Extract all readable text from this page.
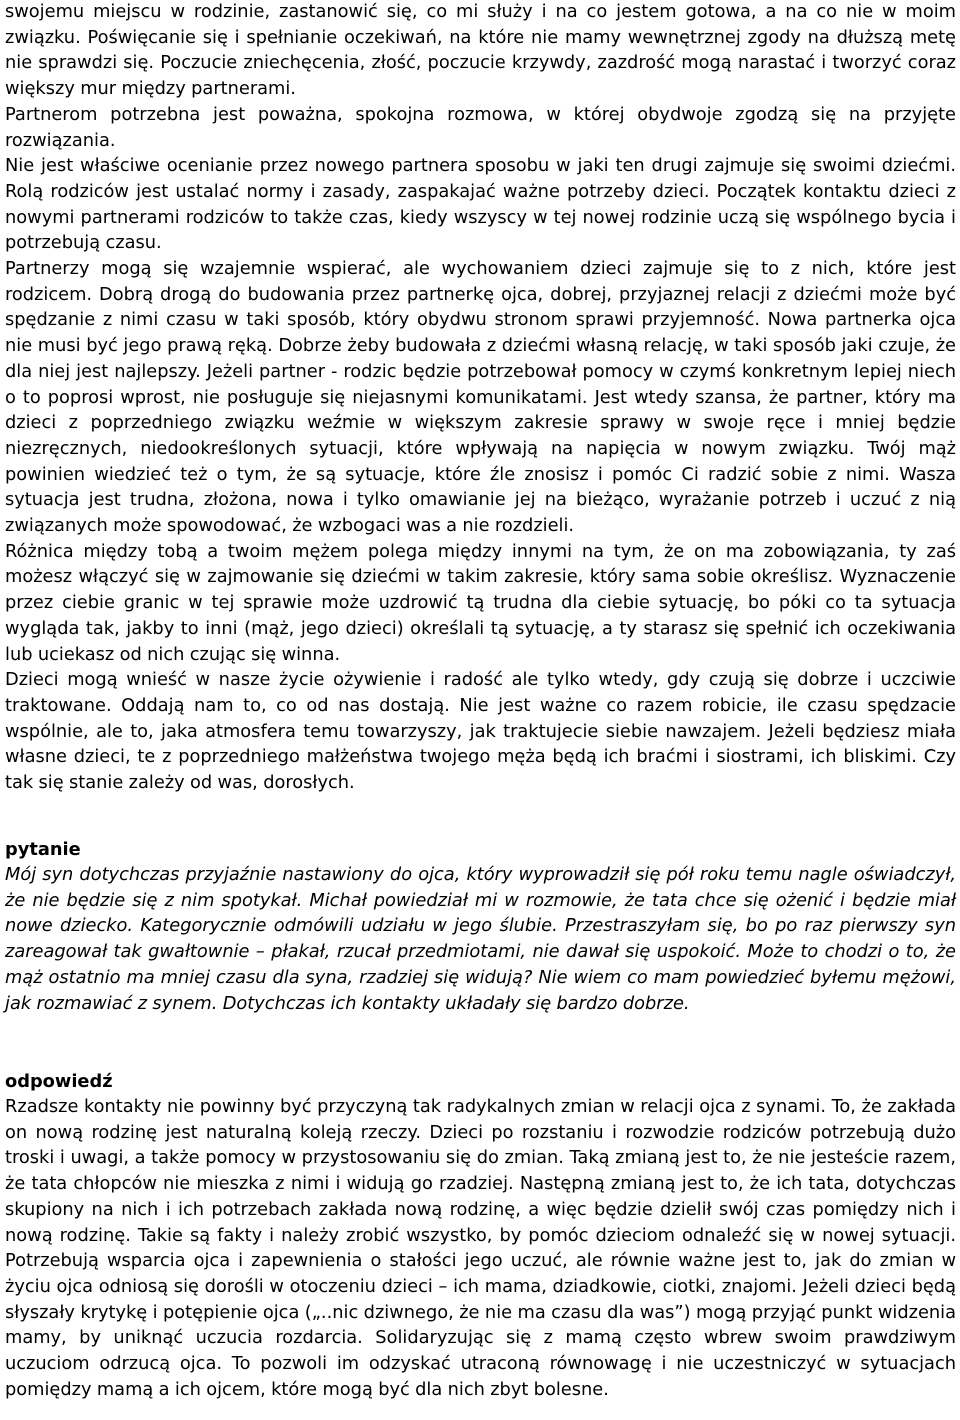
swojemu miejscu w rodzinie, zastanowić się, co mi służy i na co jestem gotowa, a na co nie w moim związku. Poświęcanie się i spełnianie oczekiwań, na które nie mamy wewnętrznej zgody na dłuższą metę nie sprawdzi się. Poczucie zniechęcenia, złość, poczucie krzywdy, zazdrość mogą narastać i tworzyć coraz większy mur między partnerami.

Partnerom potrzebna jest poważna, spokojna rozmowa, w której obydwoje zgodzą się na przyjęte rozwiązania.

Nie jest właściwe ocenianie przez nowego partnera sposobu w jaki ten drugi zajmuje się swoimi dziećmi. Rolą rodziców jest ustalać normy i zasady, zaspakajać ważne potrzeby dzieci. Początek kontaktu dzieci z nowymi partnerami rodziców to także czas, kiedy wszyscy w tej nowej rodzinie uczą się wspólnego bycia i potrzebują czasu.

Partnerzy mogą się wzajemnie wspierać, ale wychowaniem dzieci zajmuje się to z nich, które jest rodzicem. Dobrą drogą do budowania przez partnerkę ojca, dobrej, przyjaznej relacji z dziećmi może być spędzanie z nimi czasu w taki sposób, który obydwu stronom sprawi przyjemność. Nowa partnerka ojca nie musi być jego prawą ręką. Dobrze żeby budowała z dziećmi własną relację, w taki sposób jaki czuje, że dla niej jest najlepszy. Jeżeli partner - rodzic będzie potrzebował pomocy w czymś konkretnym lepiej niech o to poprosi wprost, nie posługuje się niejasnymi komunikatami. Jest wtedy szansa, że partner, który ma dzieci z poprzedniego związku weźmie w większym zakresie sprawy w swoje ręce i mniej będzie niezręcznych, niedookreślonych sytuacji, które wpływają na napięcia w nowym związku. Twój mąż powinien wiedzieć też o tym, że są sytuacje, które źle znosisz i pomóc Ci radzić sobie z nimi. Wasza sytuacja jest trudna, złożona, nowa i tylko omawianie jej na bieżąco, wyrażanie potrzeb i uczuć z nią związanych może spowodować, że wzbogaci was a nie rozdzieli.

Różnica między tobą a twoim mężem polega między innymi na tym, że on ma zobowiązania, ty zaś możesz włączyć się w zajmowanie się dziećmi w takim zakresie, który sama sobie określisz. Wyznaczenie przez ciebie granic w tej sprawie może uzdrowić tą trudna dla ciebie sytuację, bo póki co ta sytuacja wygląda tak, jakby to inni (mąż, jego dzieci) określali tą sytuację, a ty starasz się spełnić ich oczekiwania lub uciekasz od nich czując się winna.

Dzieci mogą wnieść w nasze życie ożywienie i radość ale tylko wtedy, gdy czują się dobrze i uczciwie traktowane. Oddają nam to, co od nas dostają. Nie jest ważne co razem robicie, ile czasu spędzacie wspólnie, ale to, jaka atmosfera temu towarzyszy, jak traktujecie siebie nawzajem. Jeżeli będziesz miała własne dzieci, te z poprzedniego małżeństwa twojego męża będą ich braćmi i siostrami, ich bliskimi. Czy tak się stanie zależy od was, dorosłych.

pytanie

Mój syn dotychczas przyjaźnie nastawiony do ojca, który wyprowadził się pół roku temu nagle oświadczył, że nie będzie się z nim spotykał. Michał powiedział mi w rozmowie, że tata chce się ożenić i będzie miał nowe dziecko. Kategorycznie odmówili udziału w jego ślubie. Przestraszyłam się, bo po raz pierwszy syn zareagował tak gwałtownie – płakał, rzucał przedmiotami, nie dawał się uspokoić. Może to chodzi o to, że mąż ostatnio ma mniej czasu dla syna, rzadziej się widują? Nie wiem co mam powiedzieć byłemu mężowi, jak rozmawiać z synem. Dotychczas ich kontakty układały się bardzo dobrze.

odpowiedź

Rzadsze kontakty nie powinny być przyczyną tak radykalnych zmian w relacji ojca z synami. To, że zakłada on nową rodzinę jest naturalną koleją rzeczy. Dzieci po rozstaniu i rozwodzie rodziców potrzebują dużo troski i uwagi, a także pomocy w przystosowaniu się do zmian. Taką zmianą jest to, że nie jesteście razem, że tata chłopców nie mieszka z nimi i widują go rzadziej. Następną zmianą jest to, że ich tata, dotychczas skupiony na nich i ich potrzebach zakłada nową rodzinę, a więc będzie dzielił swój czas pomiędzy nich i nową rodzinę. Takie są fakty i należy zrobić wszystko, by pomóc dzieciom odnaleźć się w nowej sytuacji. Potrzebują wsparcia ojca i zapewnienia o stałości jego uczuć, ale równie ważne jest to, jak do zmian w życiu ojca odniosą się dorośli w otoczeniu dzieci – ich mama, dziadkowie, ciotki, znajomi. Jeżeli dzieci będą słyszały krytykę i potępienie ojca („..nic dziwnego, że nie ma czasu dla was”) mogą przyjąć punkt widzenia mamy, by uniknąć uczucia rozdarcia. Solidaryzując się z mamą często wbrew swoim prawdziwym uczuciom odrzucą ojca. To pozwoli im odzyskać utraconą równowagę i nie uczestniczyć w sytuacjach pomiędzy mamą a ich ojcem, które mogą być dla nich zbyt bolesne.
